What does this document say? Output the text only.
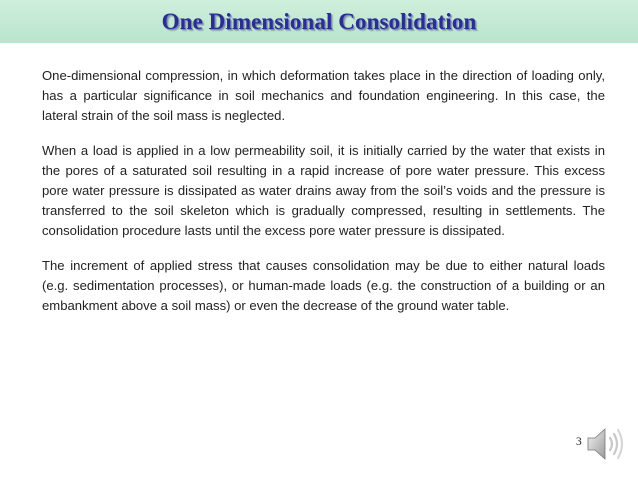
One Dimensional Consolidation

One-dimensional compression, in which deformation takes place in the direction of loading only, has a particular significance in soil mechanics and foundation engineering. In this case, the lateral strain of the soil mass is neglected.

When a load is applied in a low permeability soil, it is initially carried by the water that exists in the pores of a saturated soil resulting in a rapid increase of pore water pressure. This excess pore water pressure is dissipated as water drains away from the soil’s voids and the pressure is transferred to the soil skeleton which is gradually compressed, resulting in settlements. The consolidation procedure lasts until the excess pore water pressure is dissipated.

The increment of applied stress that causes consolidation may be due to either natural loads (e.g. sedimentation processes), or human-made loads (e.g. the construction of a building or an embankment above a soil mass) or even the decrease of the ground water table.

3
